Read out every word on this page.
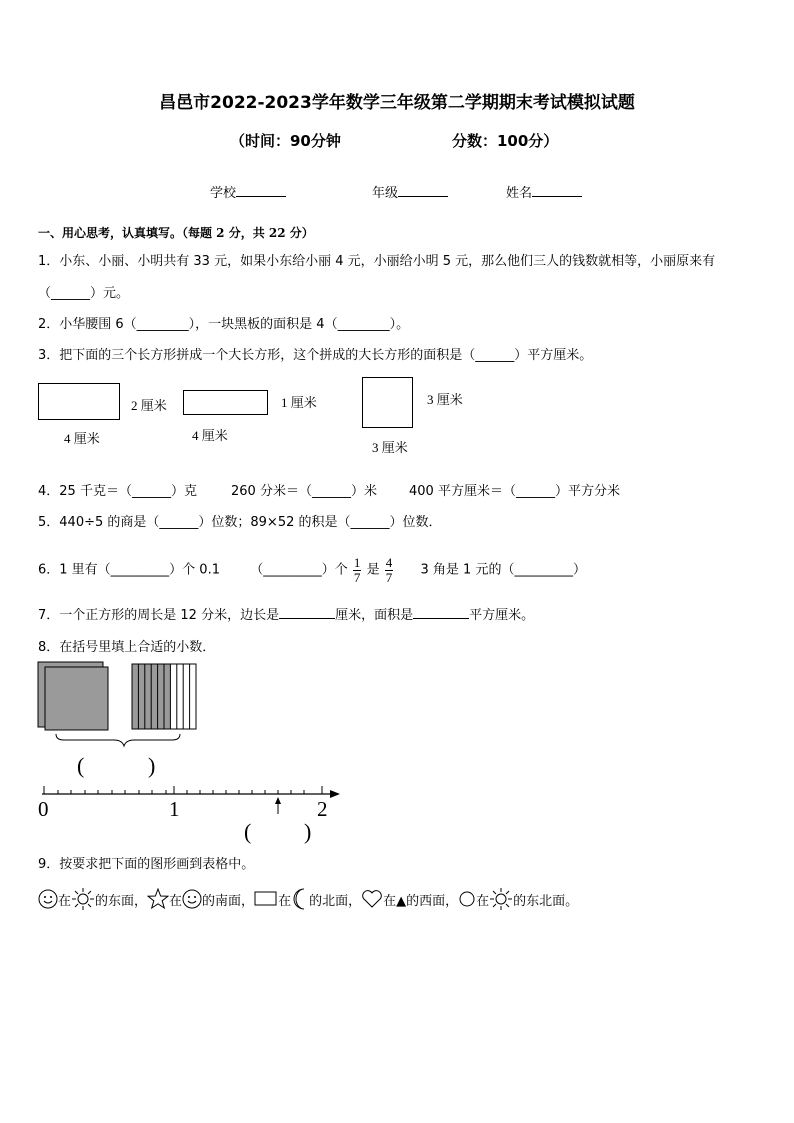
昌邑市2022-2023学年数学三年级第二学期期末考试模拟试题
（时间：90分钟	分数：100分）
学校	年级	姓名
一、用心思考，认真填写。（每题 2 分，共 22 分）
1．小东、小丽、小明共有 33 元，如果小东给小丽 4 元，小丽给小明 5 元，那么他们三人的钱数就相等，小丽原来有
（______）元。
2．小华腰围 6（________），一块黑板的面积是 4（________）。
3．把下面的三个长方形拼成一个大长方形，这个拼成的大长方形的面积是（______）平方厘米。
2 厘米
4 厘米
1 厘米
4 厘米
3 厘米
3 厘米
4．25 千克＝（______）克	260 分米＝（______）米 400 平方厘米＝（______）平方分米
5．440÷5 的商是（______）位数；89×52 的积是（______）位数．
6．1 里有（_________）个 0.1 （_________）个 $\frac{1}{7}$ 是 $\frac{4}{7} 3$ 角是 1 元的（_________）
7．一个正方形的周长是 12 分米，边长是	厘米，面积是	平方厘米。
8．在括号里填上合适的小数．
(	)
0	1	2
( )
9．按要求把下面的图形画到表格中。
在 的东面， 在 的南面， 在 的北面， 在▲的西面， 在 的东北面。
